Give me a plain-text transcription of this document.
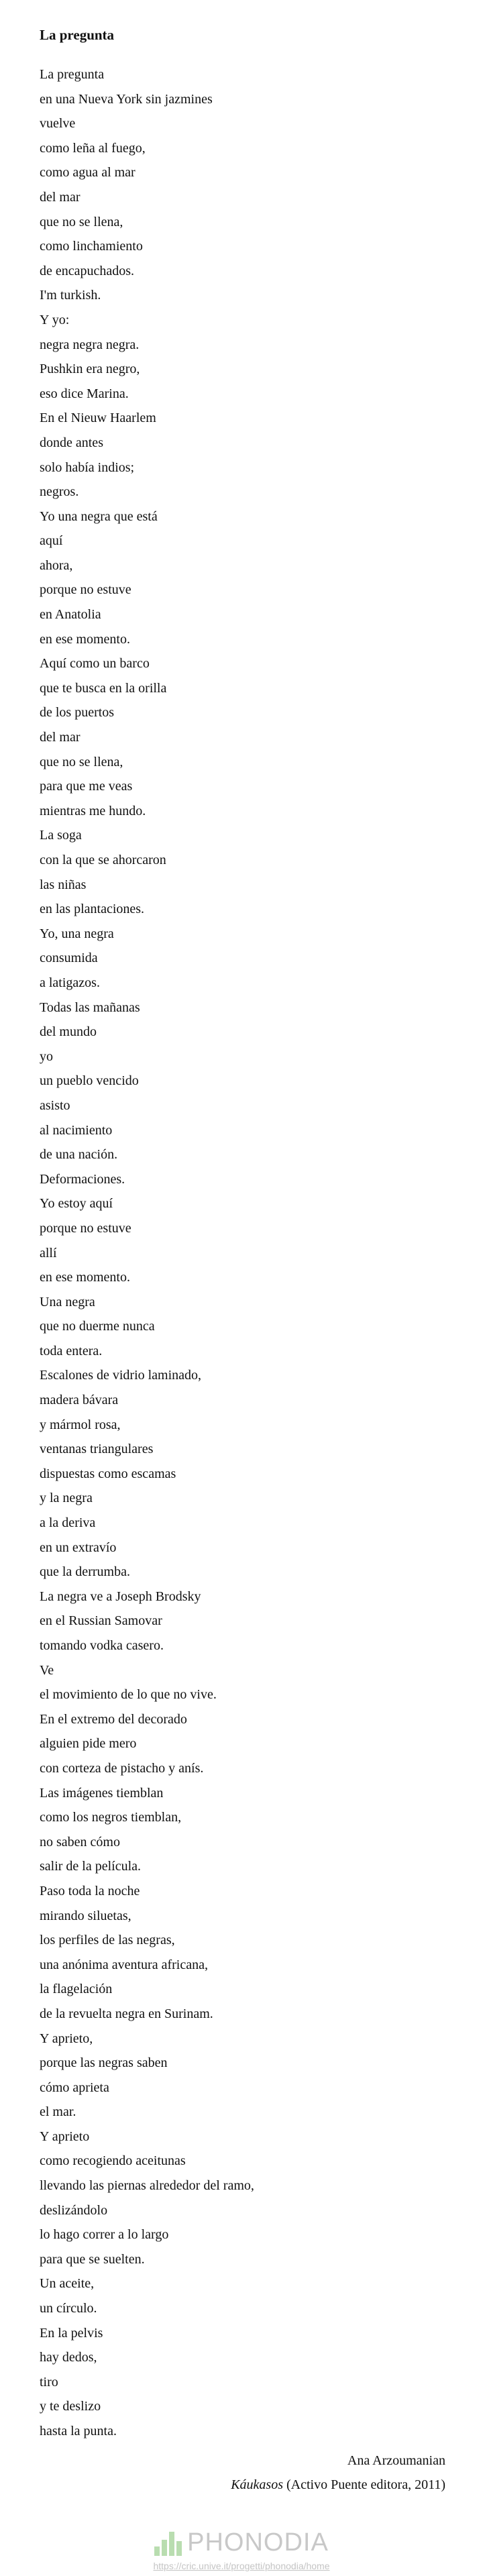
La pregunta
La pregunta
en una Nueva York sin jazmines
vuelve
como leña al fuego,
como agua al mar
del mar
que no se llena,
como linchamiento
de encapuchados.
I'm turkish.
Y yo:
negra negra negra.
Pushkin era negro,
eso dice Marina.
En el Nieuw Haarlem
donde antes
solo había indios;
negros.
Yo una negra que está
aquí
ahora,
porque no estuve
en Anatolia
en ese momento.
Aquí como un barco
que te busca en la orilla
de los puertos
del mar
que no se llena,
para que me veas
mientras me hundo.
La soga
con la que se ahorcaron
las niñas
en las plantaciones.
Yo, una negra
consumida
a latigazos.
Todas las mañanas
del mundo
yo
un pueblo vencido
asisto
al nacimiento
de una nación.
Deformaciones.
Yo estoy aquí
porque no estuve
allí
en ese momento.
Una negra
que no duerme nunca
toda entera.
Escalones de vidrio laminado,
madera bávara
y mármol rosa,
ventanas triangulares
dispuestas como escamas
y la negra
a la deriva
en un extravío
que la derrumba.
La negra ve a Joseph Brodsky
en el Russian Samovar
tomando vodka casero.
Ve
el movimiento de lo que no vive.
En el extremo del decorado
alguien pide mero
con corteza de pistacho y anís.
Las imágenes tiemblan
como los negros tiemblan,
no saben cómo
salir de la película.
Paso toda la noche
mirando siluetas,
los perfiles de las negras,
una anónima aventura africana,
la flagelación
de la revuelta negra en Surinam.
Y aprieto,
porque las negras saben
cómo aprieta
el mar.
Y aprieto
como recogiendo aceitunas
llevando las piernas alrededor del ramo,
deslizándolo
lo hago correr a lo largo
para que se suelten.
Un aceite,
un círculo.
En la pelvis
hay dedos,
tiro
y te deslizo
hasta la punta.
Ana Arzoumanian
Káukasos (Activo Puente editora, 2011)
PHONODIA
https://cric.unive.it/progetti/phonodia/home
